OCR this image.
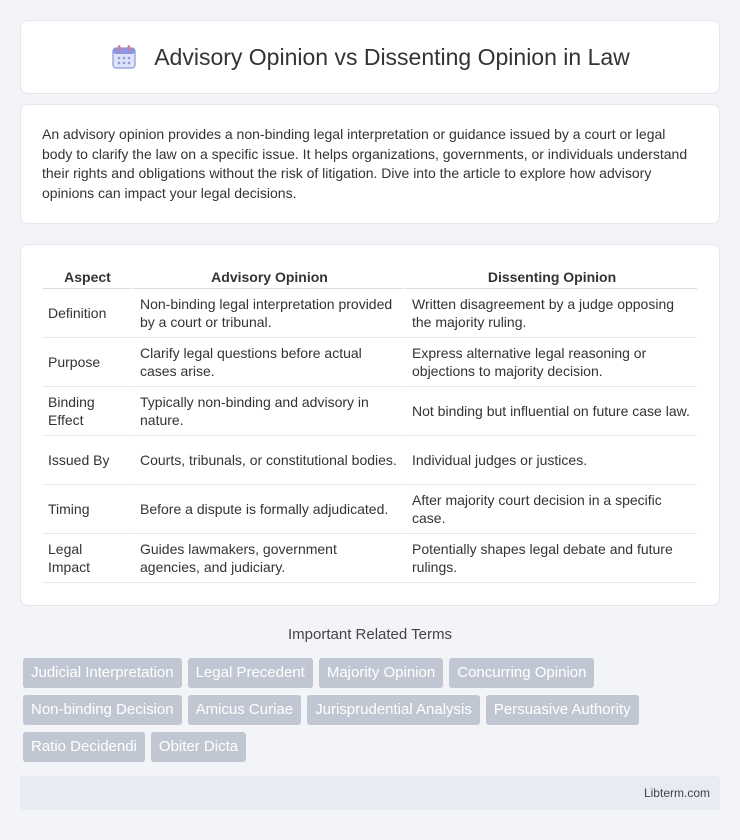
Advisory Opinion vs Dissenting Opinion in Law

An advisory opinion provides a non-binding legal interpretation or guidance issued by a court or legal body to clarify the law on a specific issue. It helps organizations, governments, or individuals understand their rights and obligations without the risk of litigation. Dive into the article to explore how advisory opinions can impact your legal decisions.

Aspect	Advisory Opinion	Dissenting Opinion
Definition	Non-binding legal interpretation provided by a court or tribunal.	Written disagreement by a judge opposing the majority ruling.
Purpose	Clarify legal questions before actual cases arise.	Express alternative legal reasoning or objections to majority decision.
Binding Effect	Typically non-binding and advisory in nature.	Not binding but influential on future case law.
Issued By	Courts, tribunals, or constitutional bodies.	Individual judges or justices.
Timing	Before a dispute is formally adjudicated.	After majority court decision in a specific case.
Legal Impact	Guides lawmakers, government agencies, and judiciary.	Potentially shapes legal debate and future rulings.
Important Related Terms
Judicial Interpretation	Legal Precedent	Majority Opinion	Concurring Opinion
Non-binding Decision	Amicus Curiae	Jurisprudential Analysis	Persuasive Authority
Ratio Decidendi	Obiter Dicta
Libterm.com
